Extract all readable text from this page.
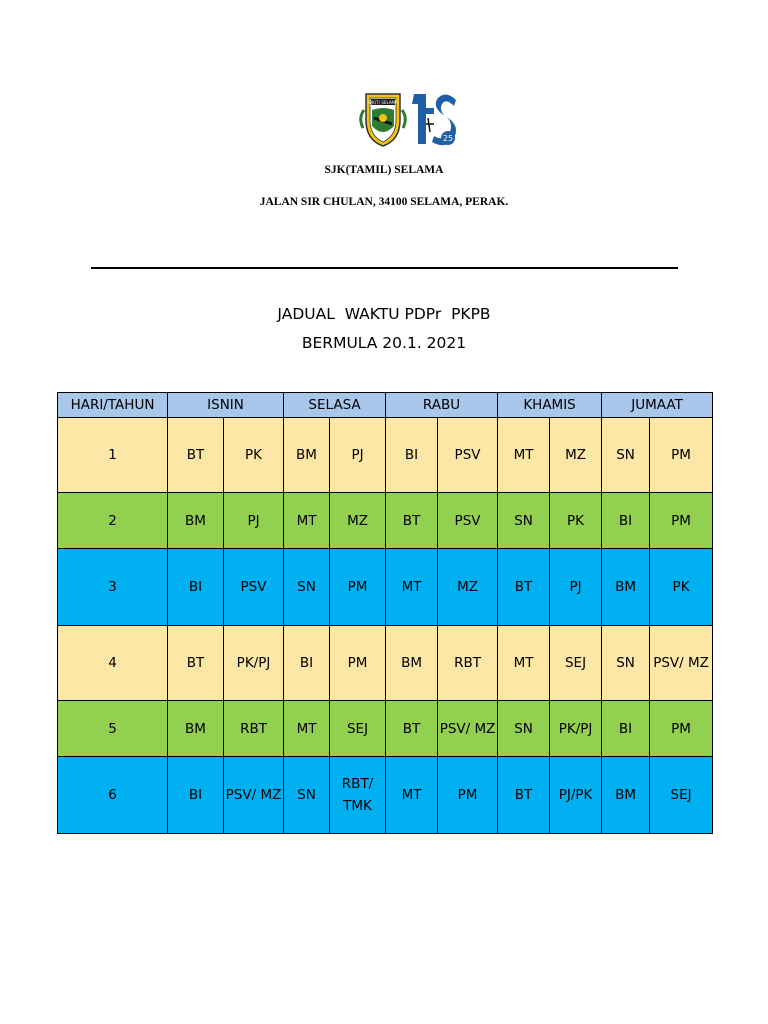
SJK(T) SELAMA
25
SJK(TAMIL) SELAMA
JALAN SIR CHULAN, 34100 SELAMA, PERAK.
JADUAL  WAKTU PDPr  PKPB
BERMULA 20.1. 2021
HARI/TAHUN	ISNIN		SELASA		RABU		KHAMIS		JUMAAT	
1	BT	PK	BM	PJ	BI	PSV	MT	MZ	SN	PM
2	BM	PJ	MT	MZ	BT	PSV	SN	PK	BI	PM
3	BI	PSV	SN	PM	MT	MZ	BT	PJ	BM	PK
4	BT	PK/PJ	BI	PM	BM	RBT	MT	SEJ	SN	PSV/ MZ
5	BM	RBT	MT	SEJ	BT	PSV/ MZ	SN	PK/PJ	BI	PM
6	BI	PSV/ MZ	SN	RBT/ TMK	MT	PM	BT	PJ/PK	BM	SEJ
